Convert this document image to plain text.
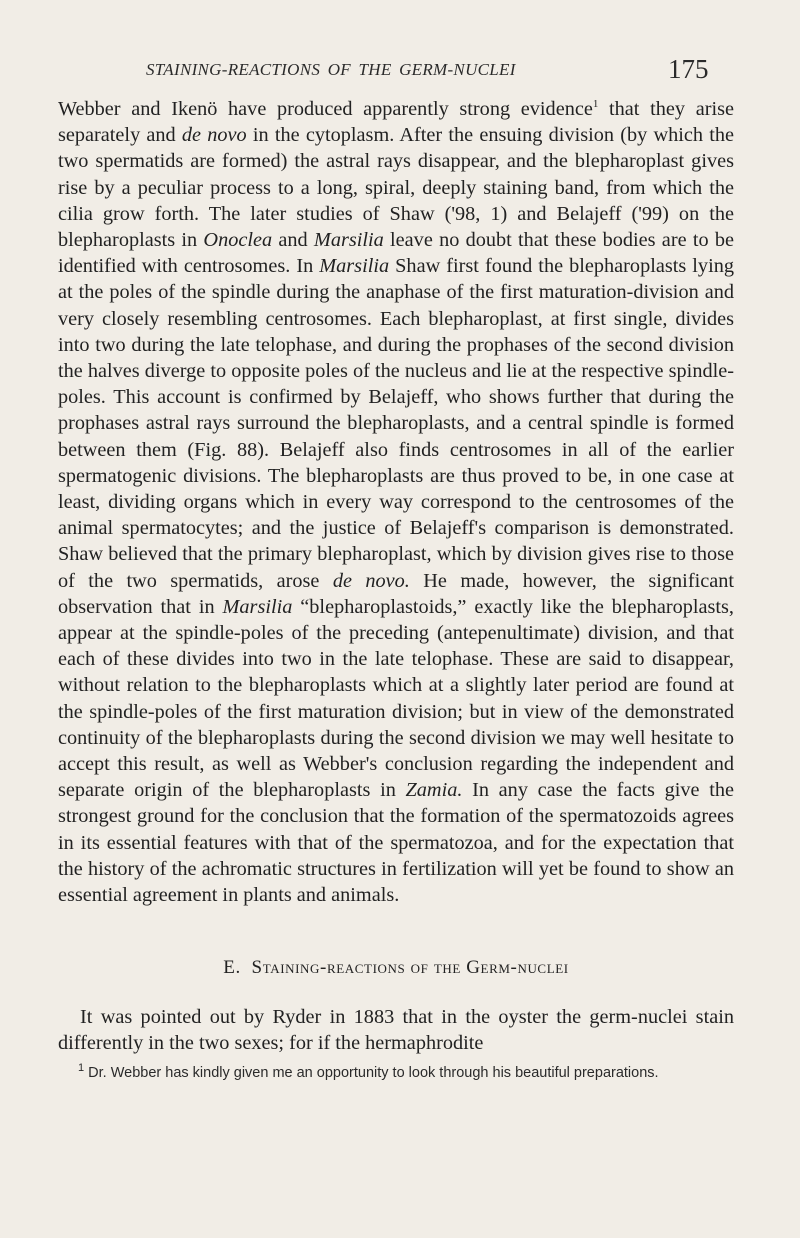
STAINING-REACTIONS OF THE GERM-NUCLEI	175

Webber and Ikenö have produced apparently strong evidence$^1$ that they arise separately and de novo in the cytoplasm. After the ensuing division (by which the two spermatids are formed) the astral rays disappear, and the blepharoplast gives rise by a peculiar process to a long, spiral, deeply staining band, from which the cilia grow forth. The later studies of Shaw ('98, 1) and Belajeff ('99) on the blepharoplasts in Onoclea and Marsilia leave no doubt that these bodies are to be identified with centrosomes. In Marsilia Shaw first found the blepharoplasts lying at the poles of the spindle during the anaphase of the first maturation-division and very closely resembling centrosomes. Each blepharoplast, at first single, divides into two during the late telophase, and during the prophases of the second division the halves diverge to opposite poles of the nucleus and lie at the respective spindle-poles. This account is confirmed by Belajeff, who shows further that during the prophases astral rays surround the blepharoplasts, and a central spindle is formed between them (Fig. 88). Belajeff also finds centrosomes in all of the earlier spermatogenic divisions. The blepharoplasts are thus proved to be, in one case at least, dividing organs which in every way correspond to the centrosomes of the animal spermatocytes; and the justice of Belajeff's comparison is demonstrated. Shaw believed that the primary blepharoplast, which by division gives rise to those of the two spermatids, arose de novo. He made, however, the significant observation that in Marsilia “blepharoplastoids,” exactly like the blepharoplasts, appear at the spindle-poles of the preceding (antepenultimate) division, and that each of these divides into two in the late telophase. These are said to disappear, without relation to the blepharoplasts which at a slightly later period are found at the spindle-poles of the first maturation division; but in view of the demonstrated continuity of the blepharoplasts during the second division we may well hesitate to accept this result, as well as Webber's conclusion regarding the independent and separate origin of the blepharoplasts in Zamia. In any case the facts give the strongest ground for the conclusion that the formation of the spermatozoids agrees in its essential features with that of the spermatozoa, and for the expectation that the history of the achromatic structures in fertilization will yet be found to show an essential agreement in plants and animals.

E. Staining-reactions of the Germ-nuclei

It was pointed out by Ryder in 1883 that in the oyster the germ-nuclei stain differently in the two sexes; for if the hermaphrodite

$^1$ Dr. Webber has kindly given me an opportunity to look through his beautiful preparations.
